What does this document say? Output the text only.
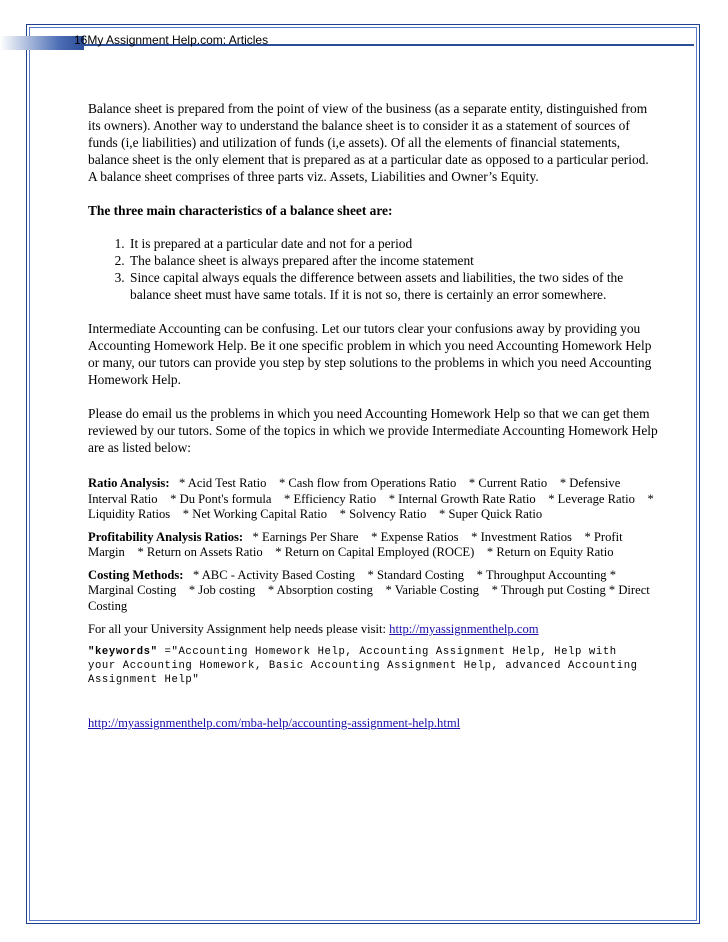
16My Assignment Help.com: Articles

Balance sheet is prepared from the point of view of the business (as a separate entity, distinguished from its owners). Another way to understand the balance sheet is to consider it as a statement of sources of funds (i,e liabilities) and utilization of funds (i,e assets). Of all the elements of financial statements, balance sheet is the only element that is prepared as at a particular date as opposed to a particular period. A balance sheet comprises of three parts viz. Assets, Liabilities and Owner’s Equity.

The three main characteristics of a balance sheet are:

1. It is prepared at a particular date and not for a period
2. The balance sheet is always prepared after the income statement
3. Since capital always equals the difference between assets and liabilities, the two sides of the balance sheet must have same totals. If it is not so, there is certainly an error somewhere.

Intermediate Accounting can be confusing. Let our tutors clear your confusions away by providing you Accounting Homework Help. Be it one specific problem in which you need Accounting Homework Help or many, our tutors can provide you step by step solutions to the problems in which you need Accounting Homework Help.

Please do email us the problems in which you need Accounting Homework Help so that we can get them reviewed by our tutors. Some of the topics in which we provide Intermediate Accounting Homework Help are as listed below:

Ratio Analysis:   * Acid Test Ratio    * Cash flow from Operations Ratio    * Current Ratio    * Defensive Interval Ratio    * Du Pont's formula    * Efficiency Ratio    * Internal Growth Rate Ratio    * Leverage Ratio    * Liquidity Ratios    * Net Working Capital Ratio    * Solvency Ratio    * Super Quick Ratio

Profitability Analysis Ratios:   * Earnings Per Share    * Expense Ratios    * Investment Ratios    * Profit Margin    * Return on Assets Ratio    * Return on Capital Employed (ROCE)    * Return on Equity Ratio

Costing Methods:   * ABC - Activity Based Costing    * Standard Costing    * Throughput Accounting * Marginal Costing    * Job costing    * Absorption costing    * Variable Costing    * Through put Costing * Direct Costing

For all your University Assignment help needs please visit: http://myassignmenthelp.com

"keywords" ="Accounting Homework Help, Accounting Assignment Help, Help with your Accounting Homework, Basic Accounting Assignment Help, advanced Accounting Assignment Help"

http://myassignmenthelp.com/mba-help/accounting-assignment-help.html
